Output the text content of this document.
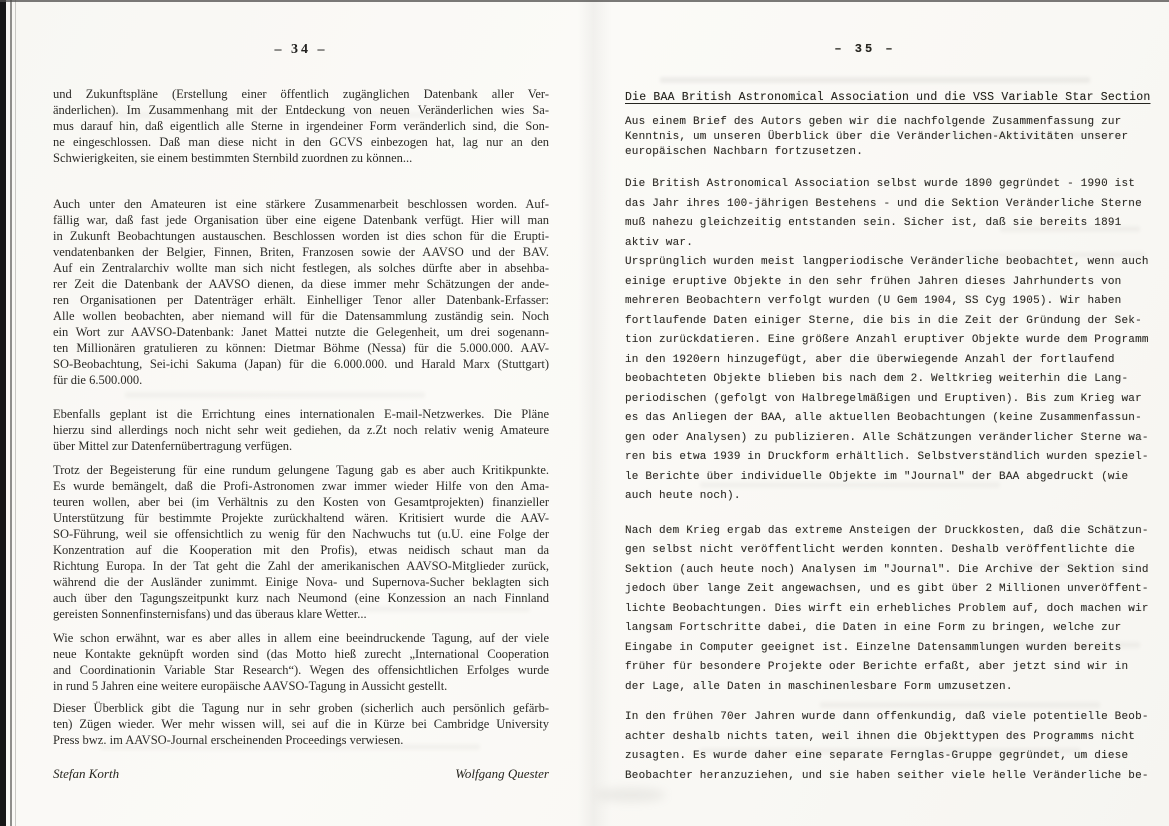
– 34 –
und Zukunftspläne (Erstellung einer öffentlich zugänglichen Datenbank aller Ver-
änderlichen). Im Zusammenhang mit der Entdeckung von neuen Veränderlichen wies Sa-
mus darauf hin, daß eigentlich alle Sterne in irgendeiner Form veränderlich sind, die Son-
ne eingeschlossen. Daß man diese nicht in den GCVS einbezogen hat, lag nur an den
Schwierigkeiten, sie einem bestimmten Sternbild zuordnen zu können...
Auch unter den Amateuren ist eine stärkere Zusammenarbeit beschlossen worden. Auf-
fällig war, daß fast jede Organisation über eine eigene Datenbank verfügt. Hier will man
in Zukunft Beobachtungen austauschen. Beschlossen worden ist dies schon für die Erupti-
vendatenbanken der Belgier, Finnen, Briten, Franzosen sowie der AAVSO und der BAV.
Auf ein Zentralarchiv wollte man sich nicht festlegen, als solches dürfte aber in absehba-
rer Zeit die Datenbank der AAVSO dienen, da diese immer mehr Schätzungen der ande-
ren Organisationen per Datenträger erhält. Einhelliger Tenor aller Datenbank-Erfasser:
Alle wollen beobachten, aber niemand will für die Datensammlung zuständig sein. Noch
ein Wort zur AAVSO-Datenbank: Janet Mattei nutzte die Gelegenheit, um drei sogenann-
ten Millionären gratulieren zu können: Dietmar Böhme (Nessa) für die 5.000.000. AAV-
SO-Beobachtung, Sei-ichi Sakuma (Japan) für die 6.000.000. und Harald Marx (Stuttgart)
für die 6.500.000.
Ebenfalls geplant ist die Errichtung eines internationalen E-mail-Netzwerkes. Die Pläne
hierzu sind allerdings noch nicht sehr weit gediehen, da z.Zt noch relativ wenig Amateure
über Mittel zur Datenfernübertragung verfügen.
Trotz der Begeisterung für eine rundum gelungene Tagung gab es aber auch Kritikpunkte.
Es wurde bemängelt, daß die Profi-Astronomen zwar immer wieder Hilfe von den Ama-
teuren wollen, aber bei (im Verhältnis zu den Kosten von Gesamtprojekten) finanzieller
Unterstützung für bestimmte Projekte zurückhaltend wären. Kritisiert wurde die AAV-
SO-Führung, weil sie offensichtlich zu wenig für den Nachwuchs tut (u.U. eine Folge der
Konzentration auf die Kooperation mit den Profis), etwas neidisch schaut man da
Richtung Europa. In der Tat geht die Zahl der amerikanischen AAVSO-Mitglieder zurück,
während die der Ausländer zunimmt. Einige Nova- und Supernova-Sucher beklagten sich
auch über den Tagungszeitpunkt kurz nach Neumond (eine Konzession an nach Finnland
gereisten Sonnenfinsternisfans) und das überaus klare Wetter...
Wie schon erwähnt, war es aber alles in allem eine beeindruckende Tagung, auf der viele
neue Kontakte geknüpft worden sind (das Motto hieß zurecht „International Cooperation
and Coordinationin Variable Star Research“). Wegen des offensichtlichen Erfolges wurde
in rund 5 Jahren eine weitere europäische AAVSO-Tagung in Aussicht gestellt.
Dieser Überblick gibt die Tagung nur in sehr groben (sicherlich auch persönlich gefärb-
ten) Zügen wieder. Wer mehr wissen will, sei auf die in Kürze bei Cambridge University
Press bwz. im AAVSO-Journal erscheinenden Proceedings verwiesen.
Stefan Korth	Wolfgang Quester
– 35 –
Die BAA British Astronomical Association und die VSS Variable Star Section
Aus einem Brief des Autors geben wir die nachfolgende Zusammenfassung zur
Kenntnis, um unseren Überblick über die Veränderlichen-Aktivitäten unserer
europäischen Nachbarn fortzusetzen.
Die British Astronomical Association selbst wurde 1890 gegründet - 1990 ist
das Jahr ihres 100-jährigen Bestehens - und die Sektion Veränderliche Sterne
muß nahezu gleichzeitig entstanden sein. Sicher ist, daß sie bereits 1891
aktiv war.
Ursprünglich wurden meist langperiodische Veränderliche beobachtet, wenn auch
einige eruptive Objekte in den sehr frühen Jahren dieses Jahrhunderts von
mehreren Beobachtern verfolgt wurden (U Gem 1904, SS Cyg 1905). Wir haben
fortlaufende Daten einiger Sterne, die bis in die Zeit der Gründung der Sek-
tion zurückdatieren. Eine größere Anzahl eruptiver Objekte wurde dem Programm
in den 1920ern hinzugefügt, aber die überwiegende Anzahl der fortlaufend
beobachteten Objekte blieben bis nach dem 2. Weltkrieg weiterhin die Lang-
periodischen (gefolgt von Halbregelmäßigen und Eruptiven). Bis zum Krieg war
es das Anliegen der BAA, alle aktuellen Beobachtungen (keine Zusammenfassun-
gen oder Analysen) zu publizieren. Alle Schätzungen veränderlicher Sterne wa-
ren bis etwa 1939 in Druckform erhältlich. Selbstverständlich wurden speziel-
le Berichte über individuelle Objekte im "Journal" der BAA abgedruckt (wie
auch heute noch).
Nach dem Krieg ergab das extreme Ansteigen der Druckkosten, daß die Schätzun-
gen selbst nicht veröffentlicht werden konnten. Deshalb veröffentlichte die
Sektion (auch heute noch) Analysen im "Journal". Die Archive der Sektion sind
jedoch über lange Zeit angewachsen, und es gibt über 2 Millionen unveröffent-
lichte Beobachtungen. Dies wirft ein erhebliches Problem auf, doch machen wir
langsam Fortschritte dabei, die Daten in eine Form zu bringen, welche zur
Eingabe in Computer geeignet ist. Einzelne Datensammlungen wurden bereits
früher für besondere Projekte oder Berichte erfaßt, aber jetzt sind wir in
der Lage, alle Daten in maschinenlesbare Form umzusetzen.
In den frühen 70er Jahren wurde dann offenkundig, daß viele potentielle Beob-
achter deshalb nichts taten, weil ihnen die Objekttypen des Programms nicht
zusagten. Es wurde daher eine separate Fernglas-Gruppe gegründet, um diese
Beobachter heranzuziehen, und sie haben seither viele helle Veränderliche be-
